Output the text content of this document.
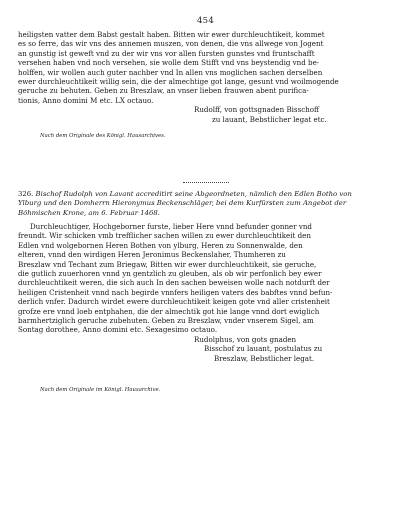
454
heiligsten vatter dem Babst gestalt haben. Bitten wir ewer durchleuchtikeit, kommet
es so ferre, das wir vns des annemen muszen, von denen, die vns allwege von Jogent
an gunstig ist geweft vnd zu der wir vns vor allen fursten gunstes vnd fruntschafft
versehen haben vnd noch versehen, sie wolle dem Stifft vnd vns beystendig vnd be-
holffen, wir wollen auch guter nachber vnd In allen vns moglichen sachen derselben
ewer durchleuchtikeit willig sein, die der almechtige got lange, gesunt vnd woilmogende
geruche zu behuten. Geben zu Breszlaw, an vnser lieben frauwen abent purifica-
tionis, Anno domini M etc. LX octauo.
Rudolff, von gottsgnaden Bisschoff
zu lauant, Bebstlicher legat etc.
Nach dem Originale des Königl. Hausarchives.
326. Bischof Rudolph von Lavant accreditirt seine Abgeordneten, nämlich den Edlen Botho von
Ylburg und den Domherrn Hieronymus Beckenschläger, bei dem Kurfürsten zum Angebot der
Böhmischen Krone, am 6. Februar 1468.
Durchleuchtiger, Hochgeborner furste, lieber Here vnnd befunder gonner vnd
freundt. Wir schicken vmb trefflicher sachen willen zu ewer durchleuchtikeit den
Edlen vnd wolgebornen Heren Bothen von ylburg, Heren zu Sonnenwalde, den
elteren, vnnd den wirdigen Heren Jeronimus Beckenslaher, Thumheren zu
Breszlaw vnd Techant zum Briegaw, Bitten wir ewer durchleuchtikeit, sie geruche,
die gutlich zuuerhoren vnnd yn gentzlich zu gleuben, als ob wir perfonlich bey ewer
durchleuchtikeit weren, die sich auch In den sachen beweisen wolle nach notdurft der
heiligen Cristenheit vnnd nach begirde vnnfers heiligen vaters des babftes vnnd befun-
derlich vnfer. Dadurch wirdet ewere durchleuchtikeit keigen gote vnd aller cristenheit
grofze ere vnnd loeb entphahen, die der almechtik got hie lange vnnd dort ewiglich
barmhertziglich geruche zubehuten. Geben zu Breszlaw, vnder vnserem Sigel, am
Sontag dorothee, Anno domini etc. Sexagesimo octauo.
Rudolphus, von gots gnaden
Bisschof zu lauant, postulatus zu
Breszlaw, Bebstlicher legat.
Nach dem Originale im Königl. Hausarchive.
